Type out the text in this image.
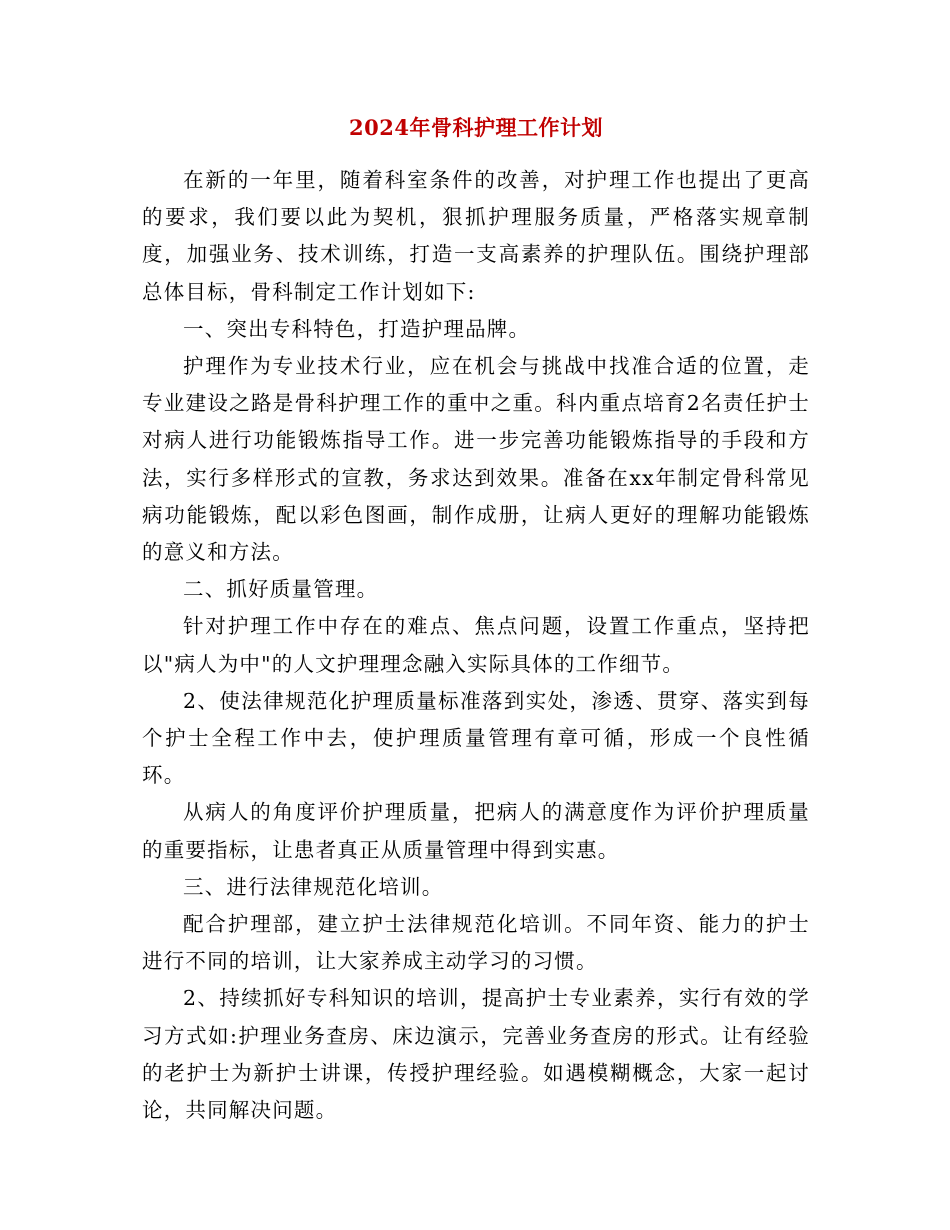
2024年骨科护理工作计划

在新的一年里，随着科室条件的改善，对护理工作也提出了更高的要求，我们要以此为契机，狠抓护理服务质量，严格落实规章制度，加强业务、技术训练，打造一支高素养的护理队伍。围绕护理部总体目标，骨科制定工作计划如下:

一、突出专科特色，打造护理品牌。

护理作为专业技术行业，应在机会与挑战中找准合适的位置，走专业建设之路是骨科护理工作的重中之重。科内重点培育2名责任护士对病人进行功能锻炼指导工作。进一步完善功能锻炼指导的手段和方法，实行多样形式的宣教，务求达到效果。准备在xx年制定骨科常见病功能锻炼，配以彩色图画，制作成册，让病人更好的理解功能锻炼的意义和方法。

二、抓好质量管理。

针对护理工作中存在的难点、焦点问题，设置工作重点，坚持把以"病人为中"的人文护理理念融入实际具体的工作细节。

2、使法律规范化护理质量标准落到实处，渗透、贯穿、落实到每个护士全程工作中去，使护理质量管理有章可循，形成一个良性循环。

从病人的角度评价护理质量，把病人的满意度作为评价护理质量的重要指标，让患者真正从质量管理中得到实惠。

三、进行法律规范化培训。

配合护理部，建立护士法律规范化培训。不同年资、能力的护士进行不同的培训，让大家养成主动学习的习惯。

2、持续抓好专科知识的培训，提高护士专业素养，实行有效的学习方式如:护理业务查房、床边演示，完善业务查房的形式。让有经验的老护士为新护士讲课，传授护理经验。如遇模糊概念，大家一起讨论，共同解决问题。
